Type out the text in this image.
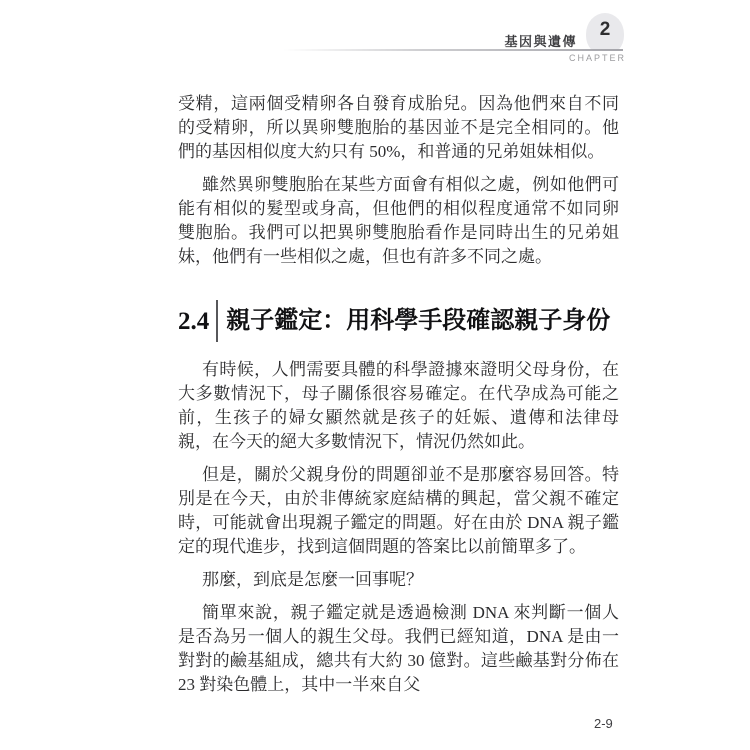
基因與遺傳
2
CHAPTER

受精，這兩個受精卵各自發育成胎兒。因為他們來自不同的受精卵，所以異卵雙胞胎的基因並不是完全相同的。他們的基因相似度大約只有 50%，和普通的兄弟姐妹相似。

雖然異卵雙胞胎在某些方面會有相似之處，例如他們可能有相似的髮型或身高，但他們的相似程度通常不如同卵雙胞胎。我們可以把異卵雙胞胎看作是同時出生的兄弟姐妹，他們有一些相似之處，但也有許多不同之處。

2.4 親子鑑定：用科學手段確認親子身份

有時候，人們需要具體的科學證據來證明父母身份，在大多數情況下，母子關係很容易確定。在代孕成為可能之前，生孩子的婦女顯然就是孩子的妊娠、遺傳和法律母親，在今天的絕大多數情況下，情況仍然如此。

但是，關於父親身份的問題卻並不是那麼容易回答。特別是在今天，由於非傳統家庭結構的興起，當父親不確定時，可能就會出現親子鑑定的問題。好在由於 DNA 親子鑑定的現代進步，找到這個問題的答案比以前簡單多了。

那麼，到底是怎麼一回事呢？

簡單來說，親子鑑定就是透過檢測 DNA 來判斷一個人是否為另一個人的親生父母。我們已經知道，DNA 是由一對對的鹼基組成，總共有大約 30 億對。這些鹼基對分佈在 23 對染色體上，其中一半來自父

2-9
